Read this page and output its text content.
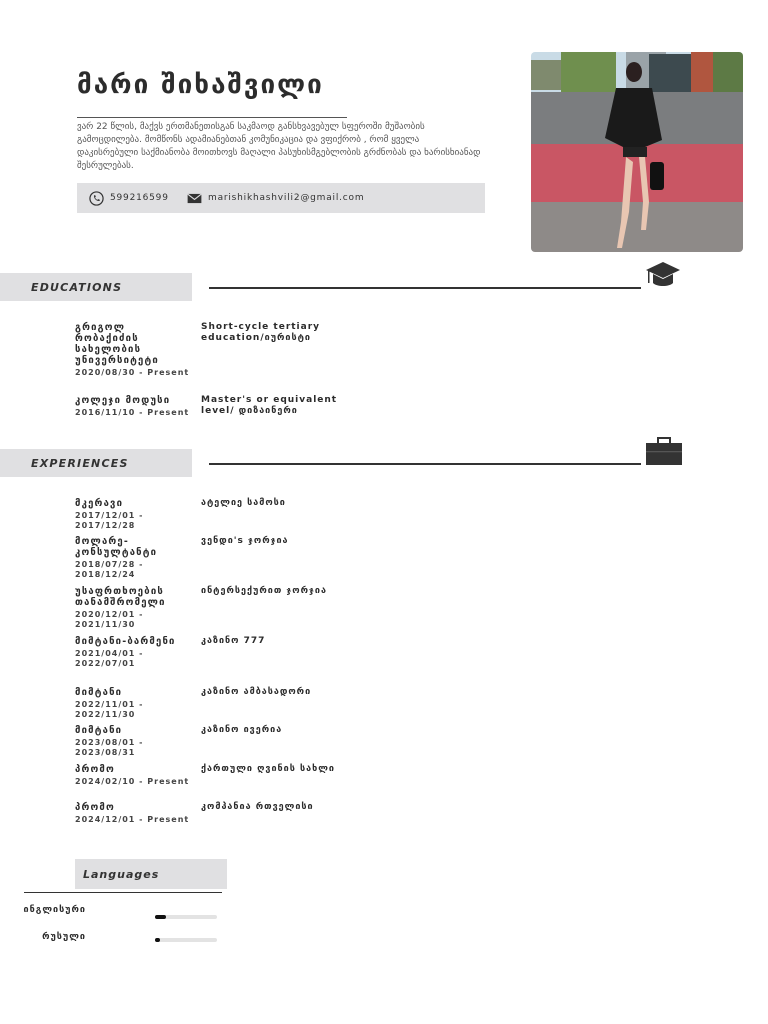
მარი შიხაშვილი
ვარ 22 წლის, მაქვს ერთმანეთისგან საკმაოდ განსხვავებულ სფეროში მუშაობის გამოცდილება. მომწონს ადამიანებთან კომუნიკაცია და ვფიქრობ , რომ ყველა დაკისრებული საქმიანობა მოითხოვს მაღალი პასუხისმგებლობის გრძნობას და ხარისხიანად შესრულებას.
599216599	marishikhashvili2@gmail.com
EDUCATIONS
გრიგოლ რობაქიძის სახელობის უნივერსიტეტი
2020/08/30 - Present
Short-cycle tertiary education/იურისტი
კოლეჯი მოდუსი
2016/11/10 - Present
Master's or equivalent level/ დიზაინერი
EXPERIENCES
მკერავი
2017/12/01 - 2017/12/28
ატელიე სამოსი
მოლარე-კონსულტანტი
2018/07/28 - 2018/12/24
ვენდი's ჯორჯია
უსაფრთხოების თანამშრომელი
2020/12/01 - 2021/11/30
ინტერსექურით ჯორჯია
მიმტანი-ბარმენი
2021/04/01 - 2022/07/01
კაზინო 777
მიმტანი
2022/11/01 - 2022/11/30
კაზინო ამბასადორი
მიმტანი
2023/08/01 - 2023/08/31
კაზინო ივერია
პრომო
2024/02/10 - Present
ქართული ღვინის სახლი
პრომო
2024/12/01 - Present
კომპანია რთველისი
Languages
ინგლისური
რუსული
